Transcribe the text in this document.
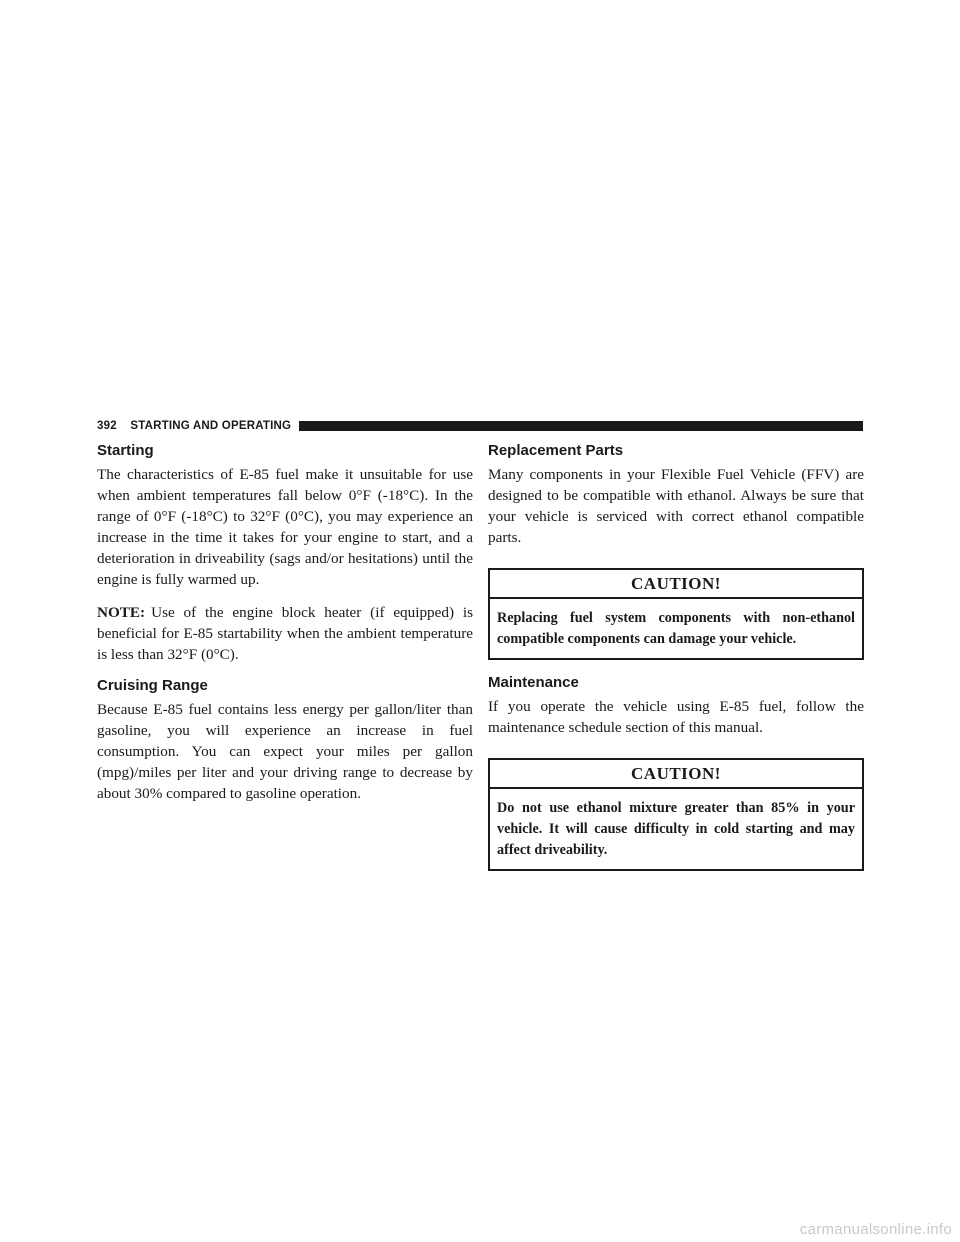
392 STARTING AND OPERATING
Starting

The characteristics of E-85 fuel make it unsuitable for use when ambient temperatures fall below 0°F (-18°C). In the range of 0°F (-18°C) to 32°F (0°C), you may experience an increase in the time it takes for your engine to start, and a deterioration in driveability (sags and/or hesitations) until the engine is fully warmed up.

NOTE: Use of the engine block heater (if equipped) is beneficial for E-85 startability when the ambient temperature is less than 32°F (0°C).

Cruising Range

Because E-85 fuel contains less energy per gallon/liter than gasoline, you will experience an increase in fuel consumption. You can expect your miles per gallon (mpg)/miles per liter and your driving range to decrease by about 30% compared to gasoline operation.

Replacement Parts

Many components in your Flexible Fuel Vehicle (FFV) are designed to be compatible with ethanol. Always be sure that your vehicle is serviced with correct ethanol compatible parts.

CAUTION!
Replacing fuel system components with non-ethanol compatible components can damage your vehicle.
Maintenance

If you operate the vehicle using E-85 fuel, follow the maintenance schedule section of this manual.

CAUTION!
Do not use ethanol mixture greater than 85% in your vehicle. It will cause difficulty in cold starting and may affect driveability.
carmanualsonline.info
